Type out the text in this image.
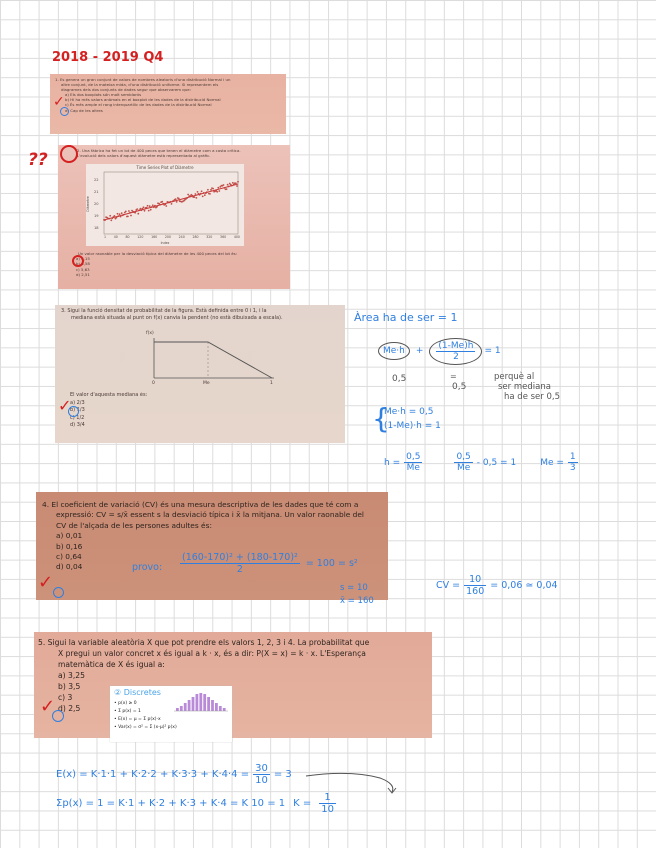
2018 - 2019 Q4
1. Es genera un gran conjunt de valors de nombres aleatoris d'una distribució Normal i un
altre conjunt, de la mateixa mida, d'una distribució uniforme. Si representem els
diagrames dels dos conjunts de dades segur que observarem que:
a) Els dos boxplots són molt semblants
b) Hi ha més valors anòmals en el boxplot de les dades de la distribució Normal
c) És més ample el rang interquartílic de les dades de la distribució Normal
d) Cap de les altres
✓
??	2. Una fàbrica ha fet un lot de 400 peces que tenen el diàmetre com a costa crítica.
L'evolució dels valors d'aquest diàmetre està representada al gràfic.
Time Series Plot of Diàmetre
22
21
20
19
18
Diàmetre
1 40 80 120 160 200 240 280 320 360 400
Index
Un valor raonable per la desviació típica del diàmetre de les 400 peces del lot és:
a) 0,15
b) 0,58
c) 5,63
d) 2,51
3. Sigui la funció densitat de probabilitat de la figura. Està definida entre 0 i 1, i la
mediana està situada al punt on f(x) canvia la pendent (no està dibuixada a escala).
f(x)
0	Me	1
El valor d'aquesta mediana és:
a) 2/3
b) 1/3
c) 1/2
d) 3/4
✓
Àrea ha de ser = 1
Me·h	+ $\frac{(1-Me)h}{2} = 1$
0,5	=
0,5
perquè al
ser mediana
ha de ser 0,5
{
Me·h = 0,5
(1-Me)·h = 1
$h = \frac{0,5}{Me}$	$\frac{0,5}{Me} - 0,5 = 1$	$Me = \frac{1}{3}$
4. El coeficient de variació (CV) és una mesura descriptiva de les dades que té com a
expressió: CV = s/x̄ essent s la desviació típica i x̄ la mitjana. Un valor raonable del
CV de l'alçada de les persones adultes és:
a) 0,01
b) 0,16
c) 0,64
d) 0,04
✓
provo: $\frac{\text{(160-170)² + (180-170)²}}{2} = 100 = s^2$
s = 10
x̄ = 160
CV = $\frac{10}{160} = 0,06$ ≃ 0,04
5. Sigui la variable aleatòria X que pot prendre els valors 1, 2, 3 i 4. La probabilitat que
X pregui un valor concret x és igual a k · x, és a dir: P(X = x) = k · x. L'Esperança
matemàtica de X és igual a:
a) 3,25
b) 3,5
c) 3
d) 2,5
✓
② Discretes
• p(x) ≥ 0
• Σ p(x) = 1
• E(x) = μ = Σ p(x)·x
• Var(x) = σ² = Σ (x-μ)² p(x)
$E(x) = K\cdot 1\cdot 1 + K\cdot 2\cdot 2 + K\cdot 3\cdot 3 + K\cdot 4\cdot 4 = \frac{30}{10} = 3$
Σp(x) = 1 = K·1 + K·2 + K·3 + K·4 = K 10 = 1 $K = \frac{1}{10}$
